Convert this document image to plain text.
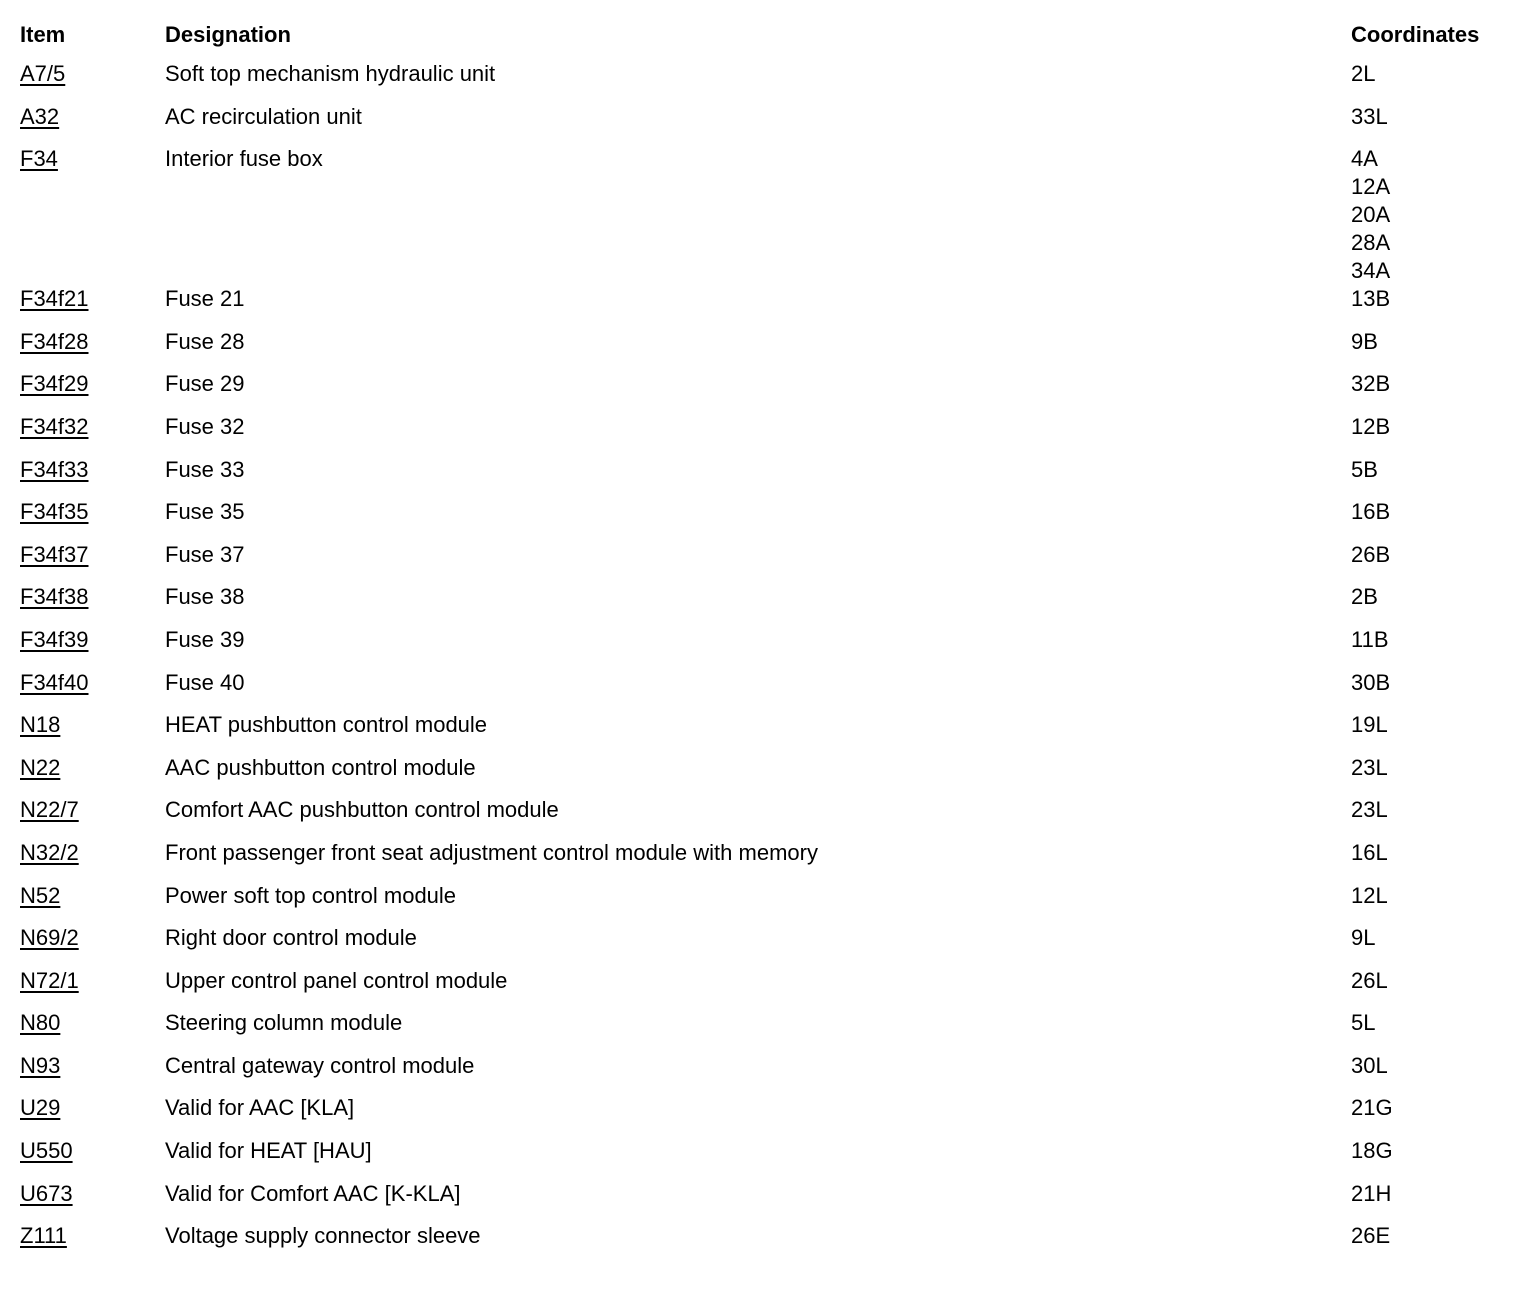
Item	Designation	Coordinates
A7/5	Soft top mechanism hydraulic unit	2L
A32	AC recirculation unit	33L
F34	Interior fuse box	4A
12A
20A
28A
34A
F34f21	Fuse 21	13B
F34f28	Fuse 28	9B
F34f29	Fuse 29	32B
F34f32	Fuse 32	12B
F34f33	Fuse 33	5B
F34f35	Fuse 35	16B
F34f37	Fuse 37	26B
F34f38	Fuse 38	2B
F34f39	Fuse 39	11B
F34f40	Fuse 40	30B
N18	HEAT pushbutton control module	19L
N22	AAC pushbutton control module	23L
N22/7	Comfort AAC pushbutton control module	23L
N32/2	Front passenger front seat adjustment control module with memory	16L
N52	Power soft top control module	12L
N69/2	Right door control module	9L
N72/1	Upper control panel control module	26L
N80	Steering column module	5L
N93	Central gateway control module	30L
U29	Valid for AAC [KLA]	21G
U550	Valid for HEAT [HAU]	18G
U673	Valid for Comfort AAC [K-KLA]	21H
Z111	Voltage supply connector sleeve	26E
